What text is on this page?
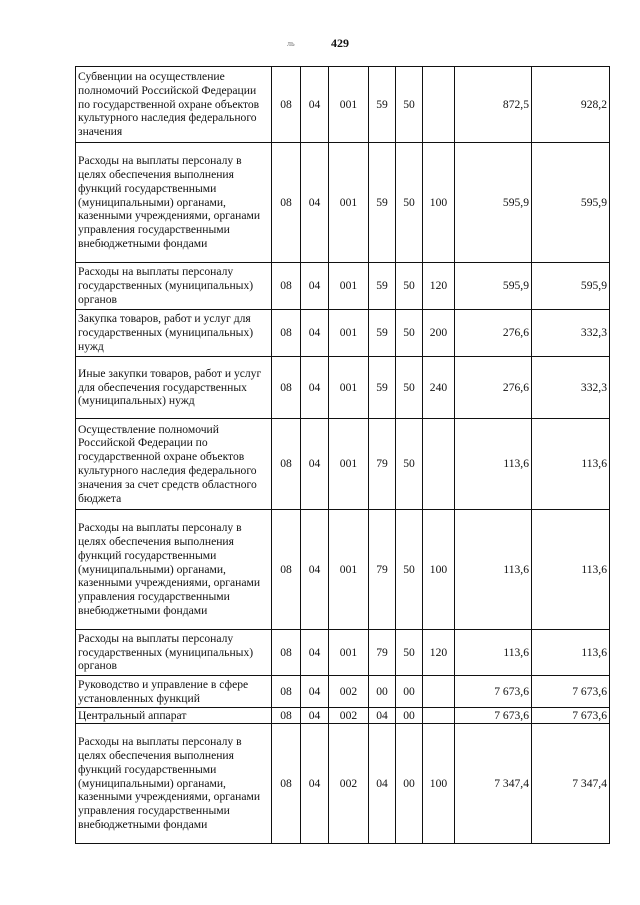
ль	429
Субвенции на осуществление полномочий Российской Федерации по государственной охране объектов культурного наследия федерального значения	08	04	001	59	50		872,5	928,2
Расходы на выплаты персоналу в целях обеспечения выполнения функций государственными (муниципальными) органами, казенными учреждениями, органами управления государственными внебюджетными фондами	08	04	001	59	50	100	595,9	595,9
Расходы на выплаты персоналу государственных (муниципальных) органов	08	04	001	59	50	120	595,9	595,9
Закупка товаров, работ и услуг для государственных (муниципальных) нужд	08	04	001	59	50	200	276,6	332,3
Иные закупки товаров, работ и услуг для обеспечения государственных (муниципальных) нужд	08	04	001	59	50	240	276,6	332,3
Осуществление полномочий Российской Федерации по государственной охране объектов культурного наследия федерального значения за счет средств областного бюджета	08	04	001	79	50		113,6	113,6
Расходы на выплаты персоналу в целях обеспечения выполнения функций государственными (муниципальными) органами, казенными учреждениями, органами управления государственными внебюджетными фондами	08	04	001	79	50	100	113,6	113,6
Расходы на выплаты персоналу государственных (муниципальных) органов	08	04	001	79	50	120	113,6	113,6
Руководство и управление в сфере установленных функций	08	04	002	00	00		7 673,6	7 673,6
Центральный аппарат	08	04	002	04	00		7 673,6	7 673,6
Расходы на выплаты персоналу в целях обеспечения выполнения функций государственными (муниципальными) органами, казенными учреждениями, органами управления государственными внебюджетными фондами	08	04	002	04	00	100	7 347,4	7 347,4
